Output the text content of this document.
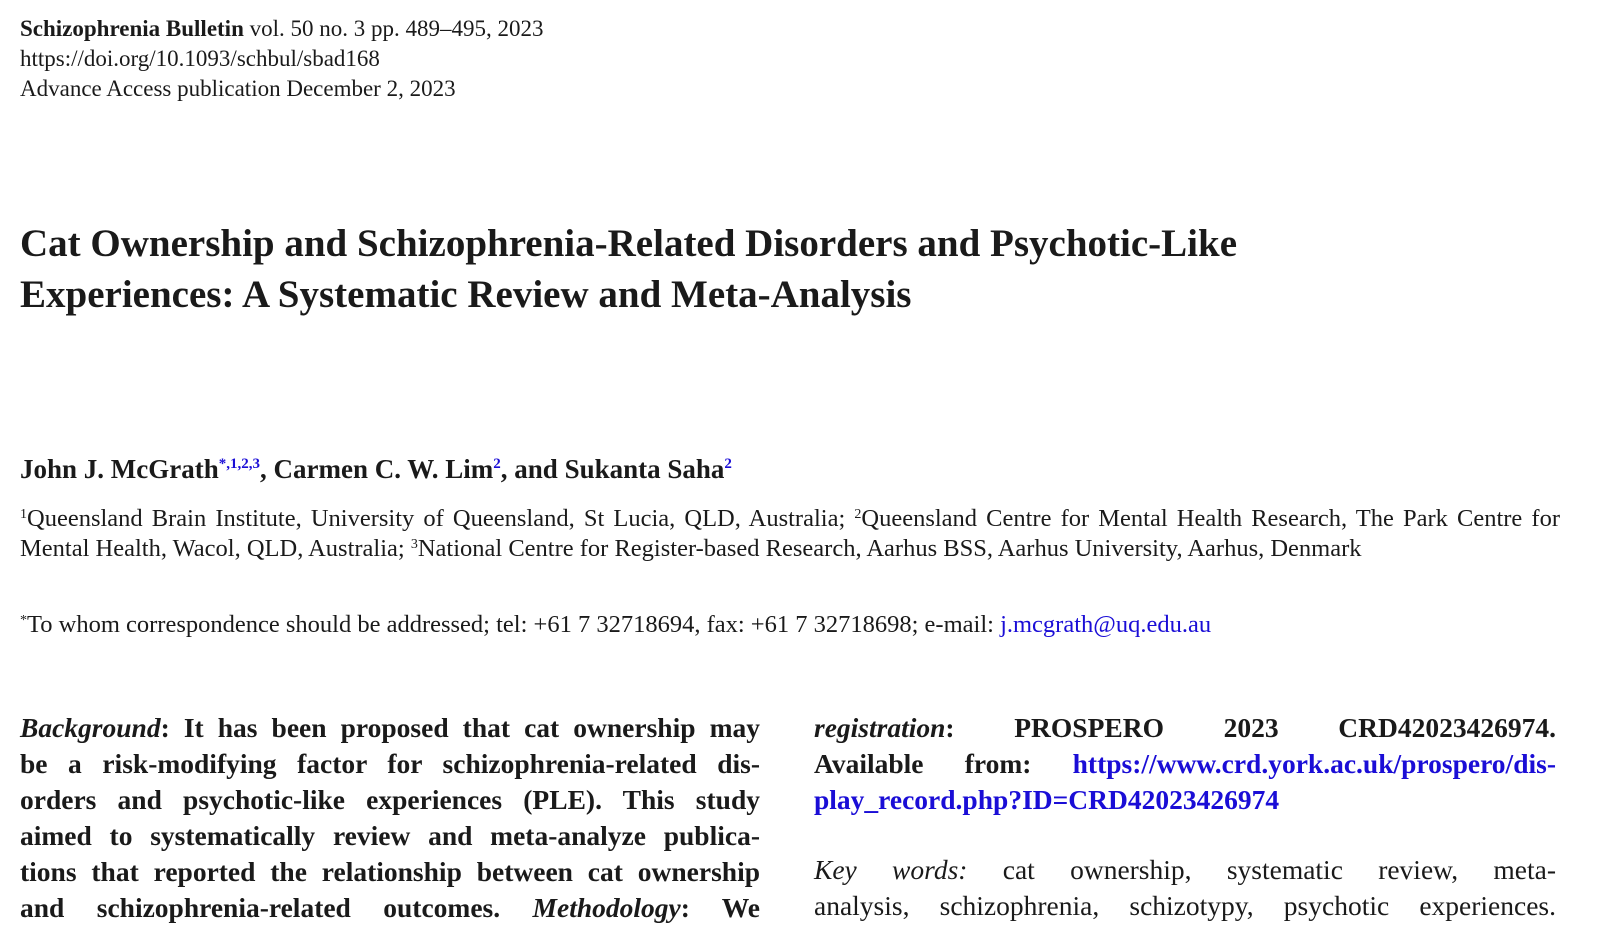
Schizophrenia Bulletin vol. 50 no. 3 pp. 489–495, 2023
https://doi.org/10.1093/schbul/sbad168
Advance Access publication December 2, 2023
Cat Ownership and Schizophrenia-Related Disorders and Psychotic-Like
Experiences: A Systematic Review and Meta-Analysis
John J. McGrath$^{*,1,2,3}$, Carmen C. W. Lim$^2$, and Sukanta Saha$^2$
$^1$Queensland Brain Institute, University of Queensland, St Lucia, QLD, Australia; $^2$Queensland Centre for Mental Health Research, The Park Centre for Mental Health, Wacol, QLD, Australia; $^3$National Centre for Register-based Research, Aarhus BSS, Aarhus University, Aarhus, Denmark
*To whom correspondence should be addressed; tel: +61 7 32718694, fax: +61 7 32718698; e-mail: j.mcgrath@uq.edu.au
Background: It has been proposed that cat ownership may
be a risk-modifying factor for schizophrenia-related dis-
orders and psychotic-like experiences (PLE). This study
aimed to systematically review and meta-analyze publica-
tions that reported the relationship between cat ownership
and schizophrenia-related outcomes. Methodology: We
registration: PROSPERO 2023 CRD42023426974.
Available from: https://www.crd.york.ac.uk/prospero/dis-
play_record.php?ID=CRD42023426974
Key words: cat ownership, systematic review, meta-
analysis, schizophrenia, schizotypy, psychotic experiences.
